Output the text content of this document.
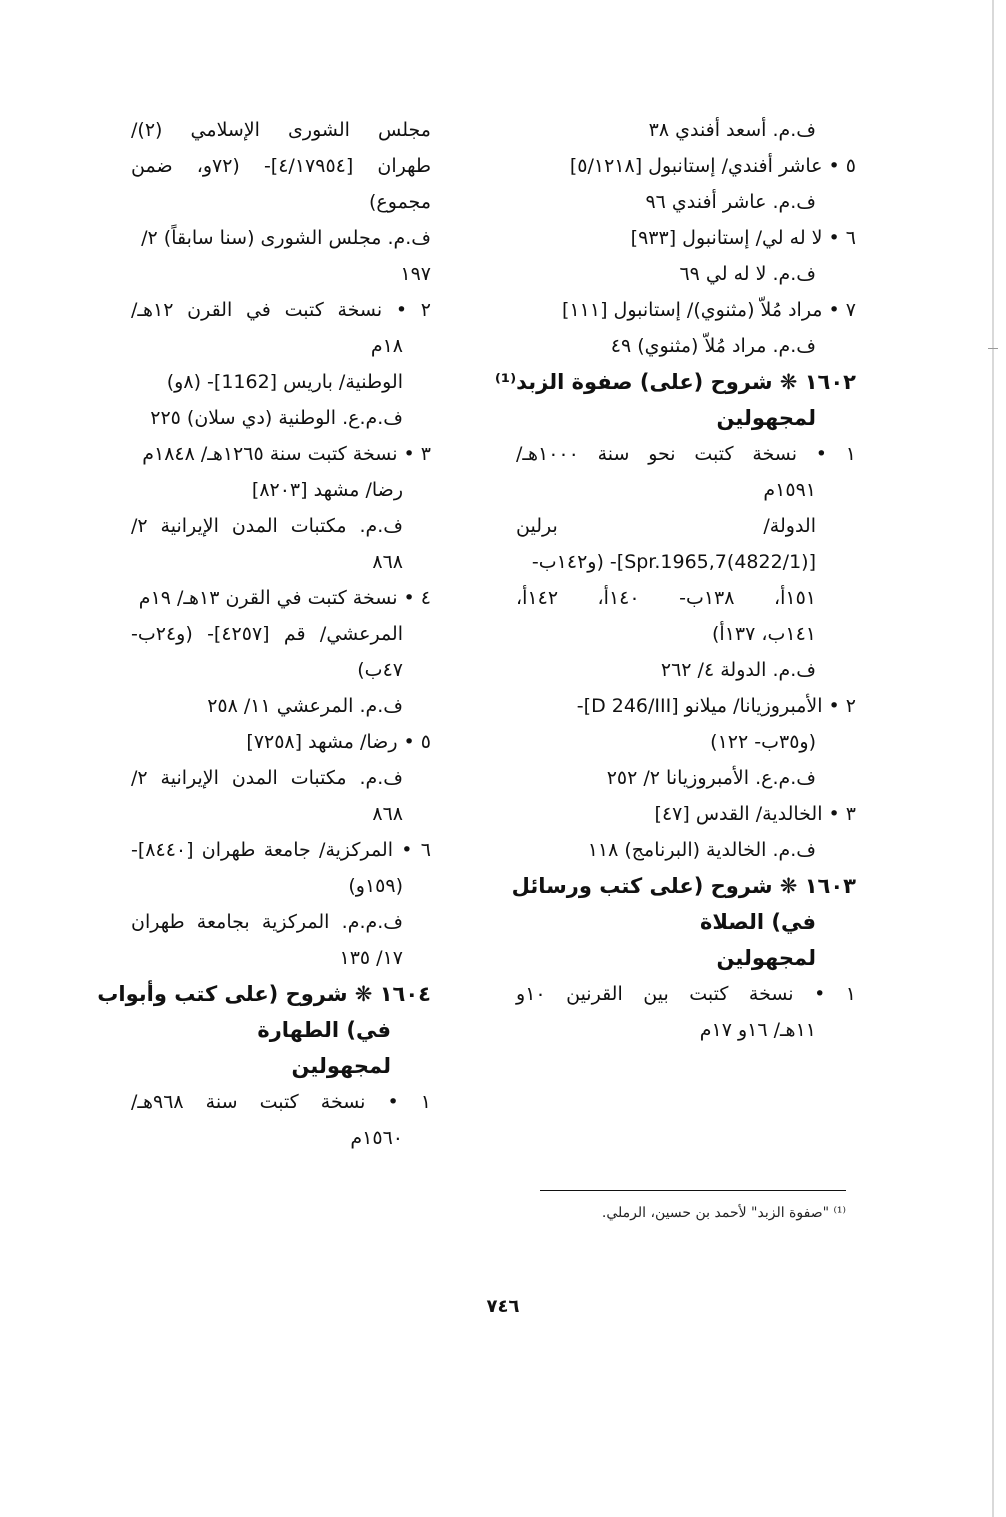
ف.م. أسعد أفندي ٣٨
٥ • عاشر أفندي/ إستانبول [٥/١٢١٨]
ف.م. عاشر أفندي ٩٦
٦ • لا له لي/ إستانبول [٩٣٣]
ف.م. لا له لي ٦٩
٧ • مراد مُلاّ (مثنوي)/ إستانبول [١١١]
ف.م. مراد مُلاّ (مثنوي) ٤٩
١٦٠٢ ❋ شروح (على) صفوة الزبد⁽¹⁾
لمجهولين
١ • نسخة كتبت نحو سنة ١٠٠٠هـ/
١٥٩١م
الدولة/ برلين
[(4822/1)Spr.1965,7]- (و١٤٢ب-
١٥١أ، ١٣٨ب- ١٤٠أ، ١٤٢أ،
١٤١ب، ١٣٧أ)
ف.م. الدولة ٤/ ٢٦٢
٢ • الأمبروزيانا/ ميلانو [D 246/III]-
(و٣٥ب- ١٢٢)
ف.م.ع. الأمبروزيانا ٢/ ٢٥٢
٣ • الخالدية/ القدس [٤٧]
ف.م. الخالدية (البرنامج) ١١٨
١٦٠٣ ❋ شروح (على كتب ورسائل
في) الصلاة
لمجهولين
١ • نسخة كتبت بين القرنين ١٠و
١١هـ/ ١٦و ١٧م
مجلس الشورى الإسلامي (٢)/
طهران [٤/١٧٩٥٤]- (٧٢و، ضمن
مجموع)
ف.م. مجلس الشورى (سنا سابقاً) ٢/
١٩٧
٢ • نسخة كتبت في القرن ١٢هـ/
١٨م
الوطنية/ باريس [1162]- (٨و)
ف.م.ع. الوطنية (دي سلان) ٢٢٥
٣ • نسخة كتبت سنة ١٢٦٥هـ/ ١٨٤٨م
رضا/ مشهد [٨٢٠٣]
ف.م. مكتبات المدن الإيرانية ٢/
٨٦٨
٤ • نسخة كتبت في القرن ١٣هـ/ ١٩م
المرعشي/ قم [٤٢٥٧]- (و٢٤ب-
٤٧ب)
ف.م. المرعشي ١١/ ٢٥٨
٥ • رضا/ مشهد [٧٢٥٨]
ف.م. مكتبات المدن الإيرانية ٢/
٨٦٨
٦ • المركزية/ جامعة طهران [٨٤٤٠]-
(١٥٩و)
ف.م.م. المركزية بجامعة طهران
١٧/ ١٣٥
١٦٠٤ ❋ شروح (على كتب وأبواب
في) الطهارة
لمجهولين
١ • نسخة كتبت سنة ٩٦٨هـ/
١٥٦٠م
⁽¹⁾ "صفوة الزبد" لأحمد بن حسين، الرملي.
٧٤٦
